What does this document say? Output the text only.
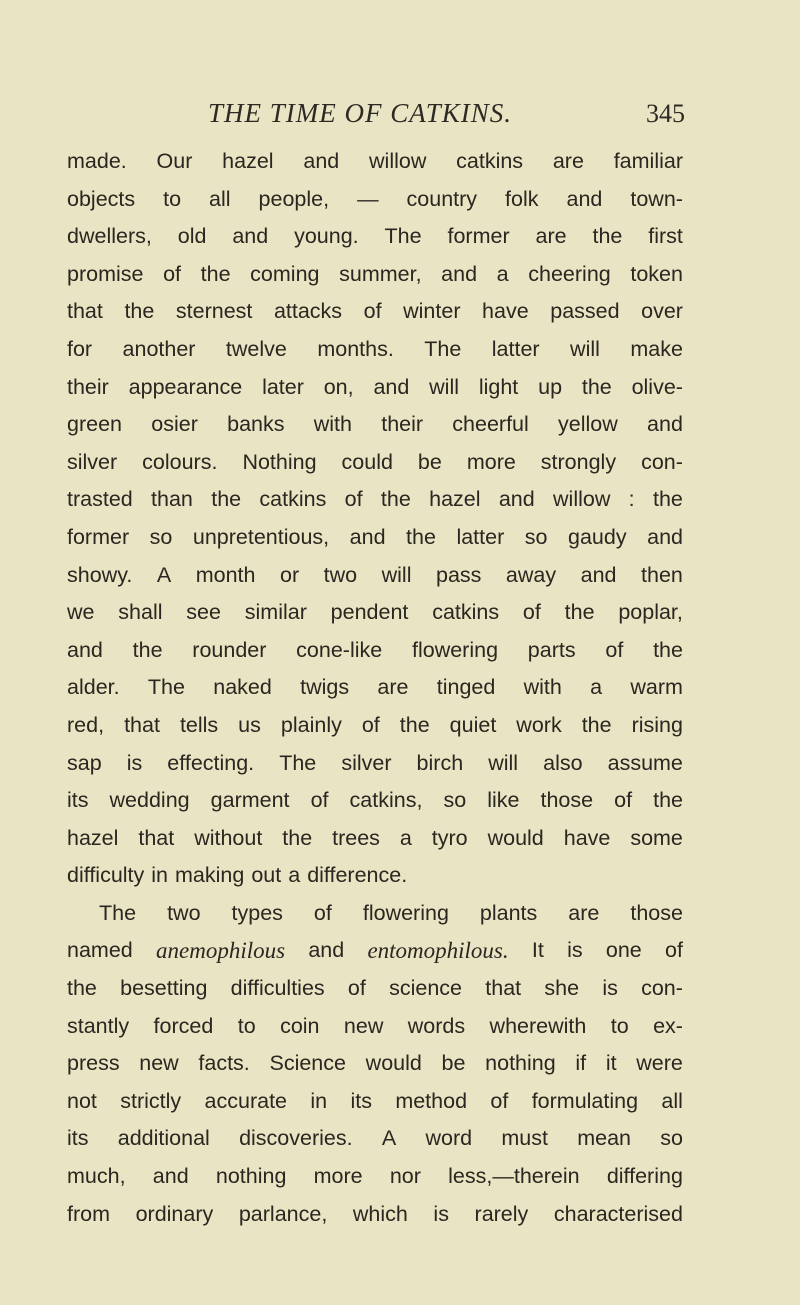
THE TIME OF CATKINS.	345
made. Our hazel and willow catkins are familiar
objects to all people, — country folk and town-
dwellers, old and young. The former are the first
promise of the coming summer, and a cheering token
that the sternest attacks of winter have passed over
for another twelve months. The latter will make
their appearance later on, and will light up the olive-
green osier banks with their cheerful yellow and
silver colours. Nothing could be more strongly con-
trasted than the catkins of the hazel and willow : the
former so unpretentious, and the latter so gaudy and
showy. A month or two will pass away and then
we shall see similar pendent catkins of the poplar,
and the rounder cone-like flowering parts of the
alder. The naked twigs are tinged with a warm
red, that tells us plainly of the quiet work the rising
sap is effecting. The silver birch will also assume
its wedding garment of catkins, so like those of the
hazel that without the trees a tyro would have some
difficulty in making out a difference.
The two types of flowering plants are those
named anemophilous and entomophilous. It is one of
the besetting difficulties of science that she is con-
stantly forced to coin new words wherewith to ex-
press new facts. Science would be nothing if it were
not strictly accurate in its method of formulating all
its additional discoveries. A word must mean so
much, and nothing more nor less,—therein differing
from ordinary parlance, which is rarely characterised
